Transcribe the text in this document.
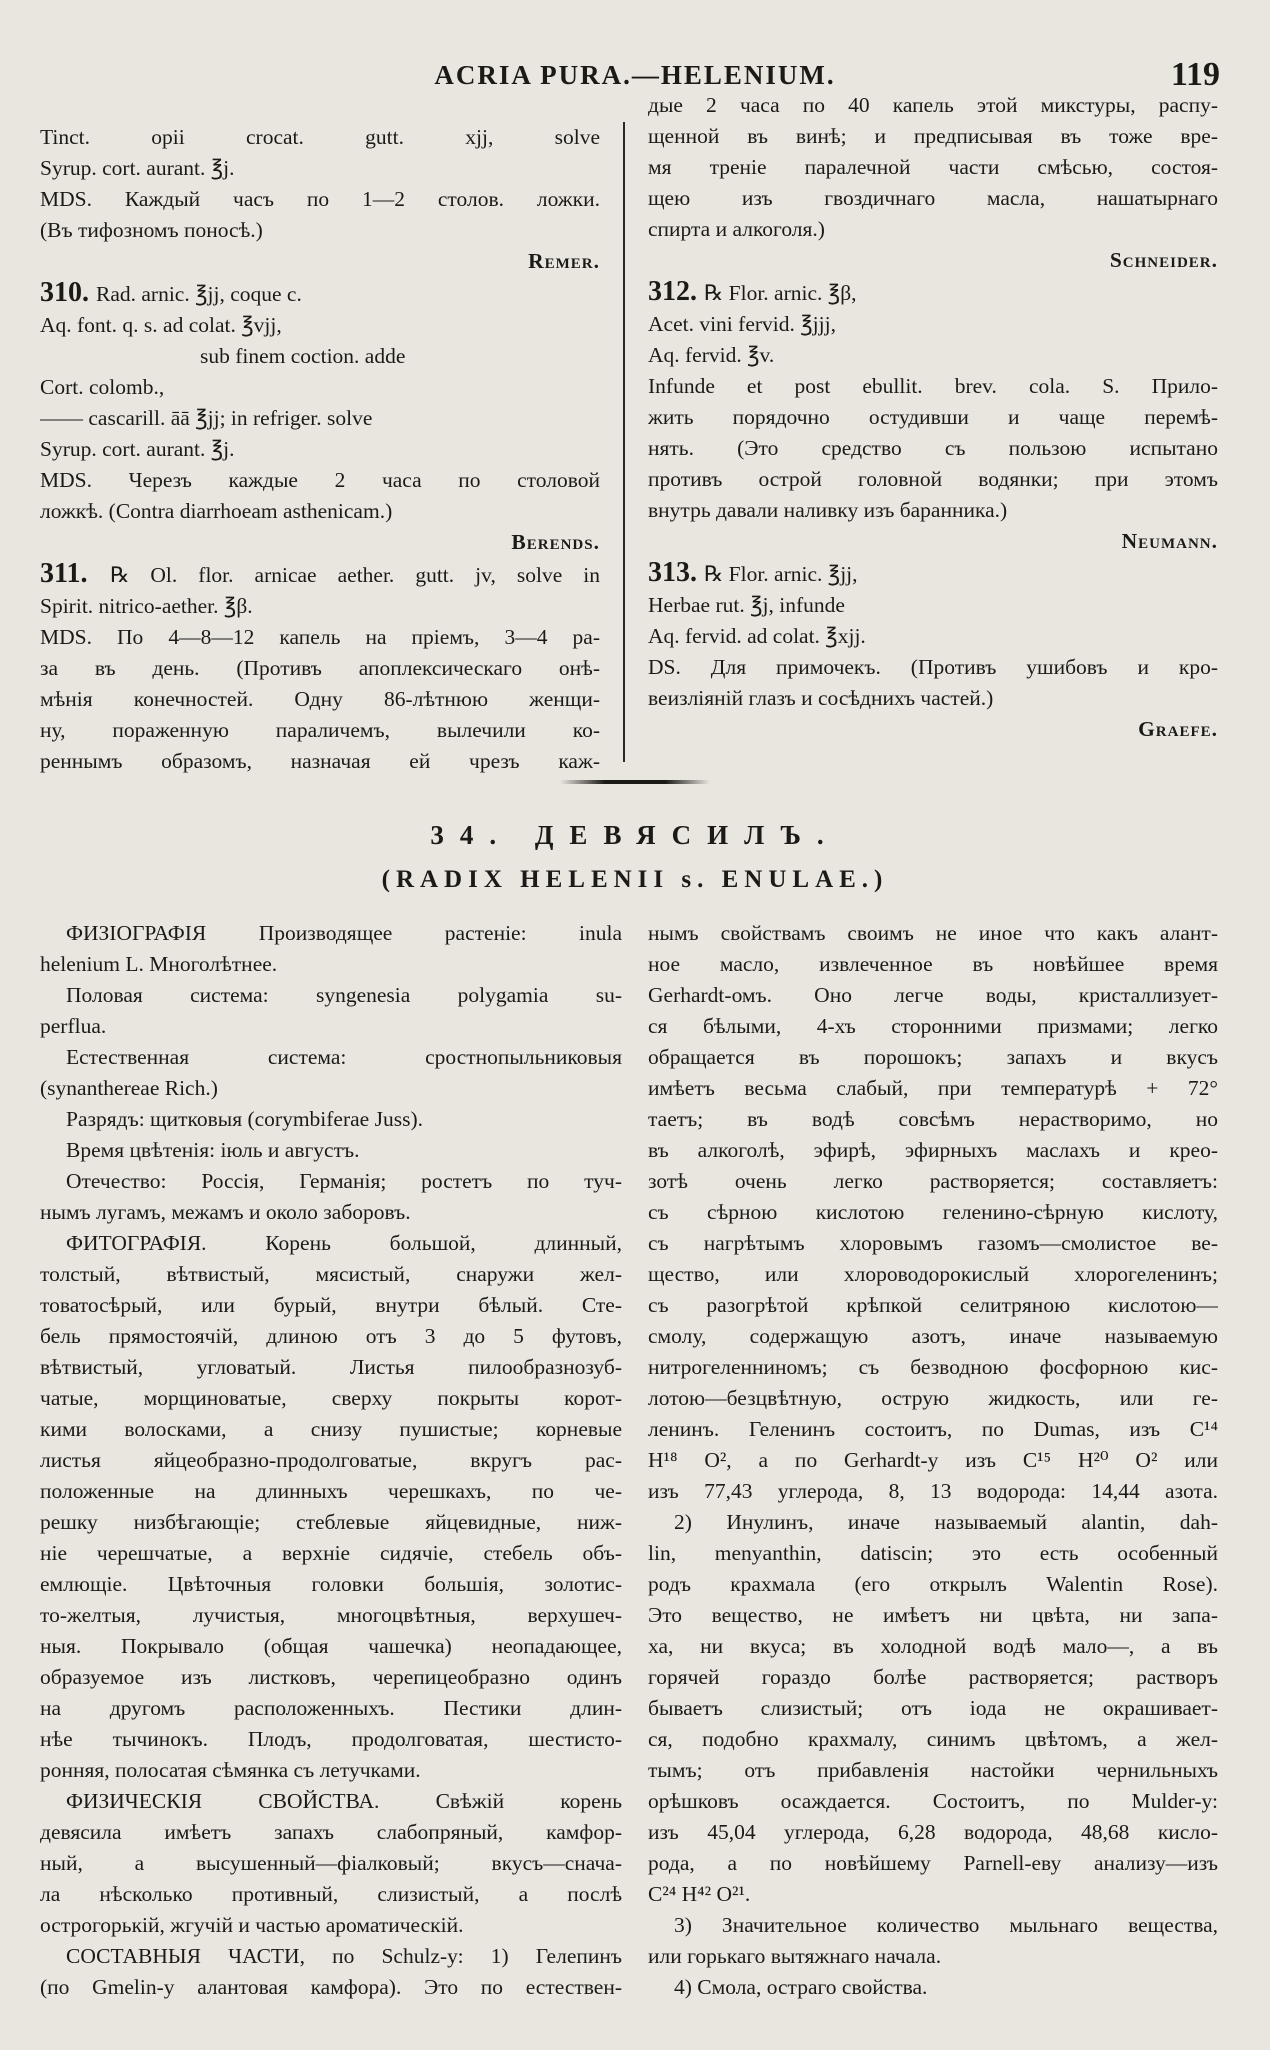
ACRIA PURA.—HELENIUM.	119

Tinct. opii crocat. gutt. xjj, solve

Syrup. cort. aurant. ℥j.

MDS. Каждый часъ по 1—2 столов. ложки.

(Въ тифозномъ поносѣ.)

Remer.

310. Rad. arnic. ℥jj, coque c.

Aq. font. q. s. ad colat. ℥vjj,

sub finem coction. adde

Cort. colomb.,

—— cascarill. āā ℥jj; in refriger. solve

Syrup. cort. aurant. ℥j.

MDS. Черезъ каждые 2 часа по столовой

ложкѣ. (Contra diarrhoeam asthenicam.)

Berends.

311. ℞ Ol. flor. arnicae aether. gutt. jv, solve in

Spirit. nitrico-aether. ℥β.

MDS. По 4—8—12 капель на пріемъ, 3—4 ра-

за въ день. (Противъ апоплексическаго онѣ-

мѣнія конечностей. Одну 86-лѣтнюю женщи-

ну, пораженную параличемъ, вылечили ко-

реннымъ образомъ, назначая ей чрезъ каж-

дые 2 часа по 40 капель этой микстуры, распу-

щенной въ винѣ; и предписывая въ тоже вре-

мя треніе паралечной части смѣсью, состоя-

щею изъ гвоздичнаго масла, нашатырнаго

спирта и алкоголя.)

Schneider.

312. ℞ Flor. arnic. ℥β,

Acet. vini fervid. ℥jjj,

Aq. fervid. ℥v.

Infunde et post ebullit. brev. cola. S. Прило-

жить порядочно остудивши и чаще перемѣ-

нять. (Это средство съ пользою испытано

противъ острой головной водянки; при этомъ

внутрь давали наливку изъ баранника.)

Neumann.

313. ℞ Flor. arnic. ℥jj,

Herbae rut. ℥j, infunde

Aq. fervid. ad colat. ℥xjj.

DS. Для примочекъ. (Противъ ушибовъ и кро-

веизліяній глазъ и сосѣднихъ частей.)

Graefe.

34. ДЕВЯСИЛЪ.
(RADIX HELENII s. ENULAE.)

ФИЗІОГРАФІЯ Производящее растеніе: inula

helenium L. Многолѣтнее.

Половая система: syngenesia polygamia su-

perflua.

Естественная система: сростнопыльниковыя

(synanthereae Rich.)

Разрядъ: щитковыя (corymbiferae Juss).

Время цвѣтенія: іюль и августъ.

Отечество: Россія, Германія; ростетъ по туч-

нымъ лугамъ, межамъ и около заборовъ.

ФИТОГРАФІЯ. Корень большой, длинный,

толстый, вѣтвистый, мясистый, снаружи жел-

товатосѣрый, или бурый, внутри бѣлый. Сте-

бель прямостоячій, длиною отъ 3 до 5 футовъ,

вѣтвистый, угловатый. Листья пилообразнозуб-

чатые, морщиноватые, сверху покрыты корот-

кими волосками, а снизу пушистые; корневые

листья яйцеобразно-продолговатые, вкругъ рас-

положенные на длинныхъ черешкахъ, по че-

решку низбѣгающіе; стеблевые яйцевидные, ниж-

ніе черешчатые, а верхніе сидячіе, стебель объ-

емлющіе. Цвѣточныя головки большія, золотис-

то-желтыя, лучистыя, многоцвѣтныя, верхушеч-

ныя. Покрывало (общая чашечка) неопадающее,

образуемое изъ листковъ, черепицеобразно одинъ

на другомъ расположенныхъ. Пестики длин-

нѣе тычинокъ. Плодъ, продолговатая, шестисто-

ронняя, полосатая сѣмянка съ летучками.

ФИЗИЧЕСКІЯ СВОЙСТВА. Свѣжій корень

девясила имѣетъ запахъ слабопряный, камфор-

ный, а высушенный—фіалковый; вкусъ—снача-

ла нѣсколько противный, слизистый, а послѣ

острогорькій, жгучій и частью ароматическій.

СОСТАВНЫЯ ЧАСТИ, по Schulz-у: 1) Гелепинъ

(по Gmelin-у алантовая камфора). Это по естествен-

нымъ свойствамъ своимъ не иное что какъ алант-

ное масло, извлеченное въ новѣйшее время

Gerhardt-омъ. Оно легче воды, кристаллизует-

ся бѣлыми, 4-хъ сторонними призмами; легко

обращается въ порошокъ; запахъ и вкусъ

имѣетъ весьма слабый, при температурѣ + 72°

таетъ; въ водѣ совсѣмъ нерастворимо, но

въ алкоголѣ, эфирѣ, эфирныхъ маслахъ и креo-

зотѣ очень легко растворяется; составляетъ:

съ сѣрною кислотою геленино-сѣрную кислоту,

съ нагрѣтымъ хлоровымъ газомъ—смолистое ве-

щество, или хлороводорокислый хлорогеленинъ;

съ разогрѣтой крѣпкой селитряною кислотою—

смолу, содержащую азотъ, иначе называемую

нитрогеленниномъ; съ безводною фосфорною кис-

лотою—безцвѣтную, острую жидкость, или ге-

ленинъ. Геленинъ состоитъ, по Dumas, изъ C¹⁴

H¹⁸ O², а по Gerhardt-у изъ C¹⁵ H²⁰ O² или

изъ 77,43 углерода, 8, 13 водорода: 14,44 азота.

2) Инулинъ, иначе называемый alantin, dah-

lin, menyanthin, datiscin; это есть особенный

родъ крахмала (его открылъ Walentin Rose).

Это вещество, не имѣетъ ни цвѣта, ни запа-

ха, ни вкуса; въ холодной водѣ мало—, а въ

горячей гораздо болѣе растворяется; растворъ

бываетъ слизистый; отъ іода не окрашивает-

ся, подобно крахмалу, синимъ цвѣтомъ, а жел-

тымъ; отъ прибавленія настойки чернильныхъ

орѣшковъ осаждается. Состоитъ, по Mulder-у:

изъ 45,04 углерода, 6,28 водорода, 48,68 кисло-

рода, а по новѣйшему Parnell-еву анализу—изъ

C²⁴ H⁴² O²¹.

3) Значительное количество мыльнаго вещества,

или горькаго вытяжнаго начала.

4) Смола, остраго свойства.
